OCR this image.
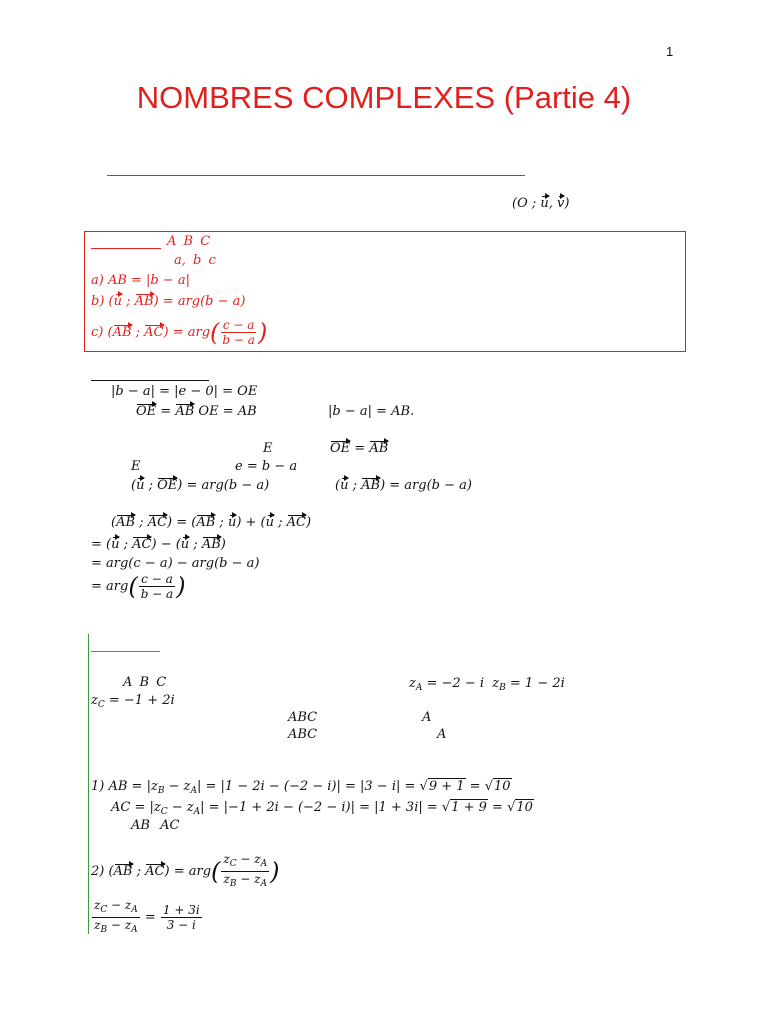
1
NOMBRES COMPLEXES (Partie 4)
(O ; u, v)
A B C
a, b c
a) AB = |b − a|
b) (u ; AB) = arg(b − a)
c) (AB ; $AC) = arg( \frac{c - a}{b - a}$ )
|b − a| = |e − 0| = OE
OE = AB OE = AB	|b − a| = AB.
E	OE = AB
E	e = b − a
(u ; OE) = arg(b − a)	(u ; AB) = arg(b − a)
(AB ; AC) = (AB ; u) + (u ; AC)
= (u ; AC) − (u ; AB)
= arg(c − a) − arg(b − a)
= $arg( \frac{c - a}{b - a}$ )
A B C	$z_A = -2 - i$  $z_B = 1 - 2i$
$z_C = -1 + 2i$
ABC	A
ABC	A
1) AB = $|z_B - z_A| = |1 - 2i - (-2 - i)| = |3 - i| = √9 + 1 = √10$
AC = $|z_C - z_A| = |-1 + 2i - (-2 - i)| = |1 + 3i| = √1 + 9 = √10$
AB AC
2) (AB ; $AC) = arg( \frac{z_C - z_A}{z_B - z_A}$ )
$\frac{z_C - z_A}{z_B - z_A} = \frac{1 + 3i}{3 - i}$
